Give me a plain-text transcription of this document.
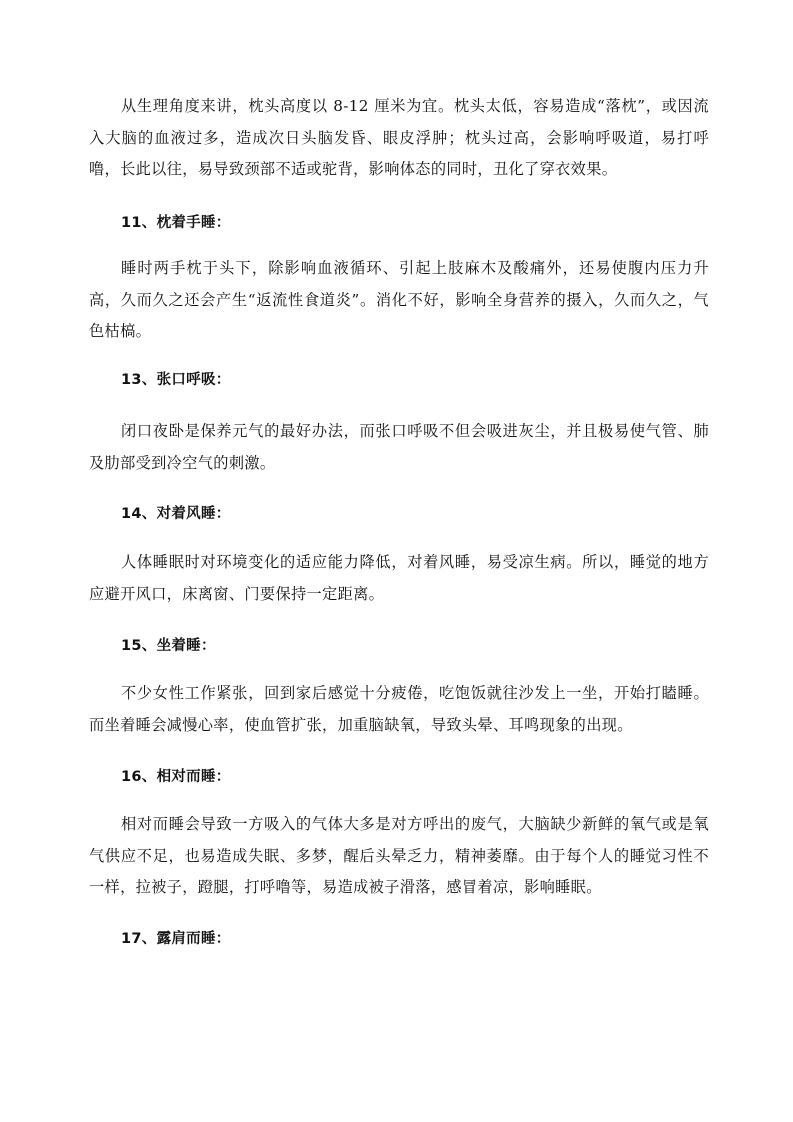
从生理角度来讲，枕头高度以 8-12 厘米为宜。枕头太低，容易造成“落枕”，或因流入大脑的血液过多，造成次日头脑发昏、眼皮浮肿；枕头过高，会影响呼吸道，易打呼噜，长此以往，易导致颈部不适或驼背，影响体态的同时，丑化了穿衣效果。

11、枕着手睡：

睡时两手枕于头下，除影响血液循环、引起上肢麻木及酸痛外，还易使腹内压力升高，久而久之还会产生“返流性食道炎”。消化不好，影响全身营养的摄入，久而久之，气色枯槁。

13、张口呼吸：

闭口夜卧是保养元气的最好办法，而张口呼吸不但会吸进灰尘，并且极易使气管、肺及肋部受到冷空气的刺激。

14、对着风睡：

人体睡眠时对环境变化的适应能力降低，对着风睡，易受凉生病。所以，睡觉的地方应避开风口，床离窗、门要保持一定距离。

15、坐着睡：

不少女性工作紧张，回到家后感觉十分疲倦，吃饱饭就往沙发上一坐，开始打瞌睡。而坐着睡会减慢心率，使血管扩张，加重脑缺氧，导致头晕、耳鸣现象的出现。

16、相对而睡：

相对而睡会导致一方吸入的气体大多是对方呼出的废气，大脑缺少新鲜的氧气或是氧气供应不足，也易造成失眠、多梦，醒后头晕乏力，精神萎靡。由于每个人的睡觉习性不一样，拉被子，蹬腿，打呼噜等，易造成被子滑落，感冒着凉，影响睡眠。

17、露肩而睡：
